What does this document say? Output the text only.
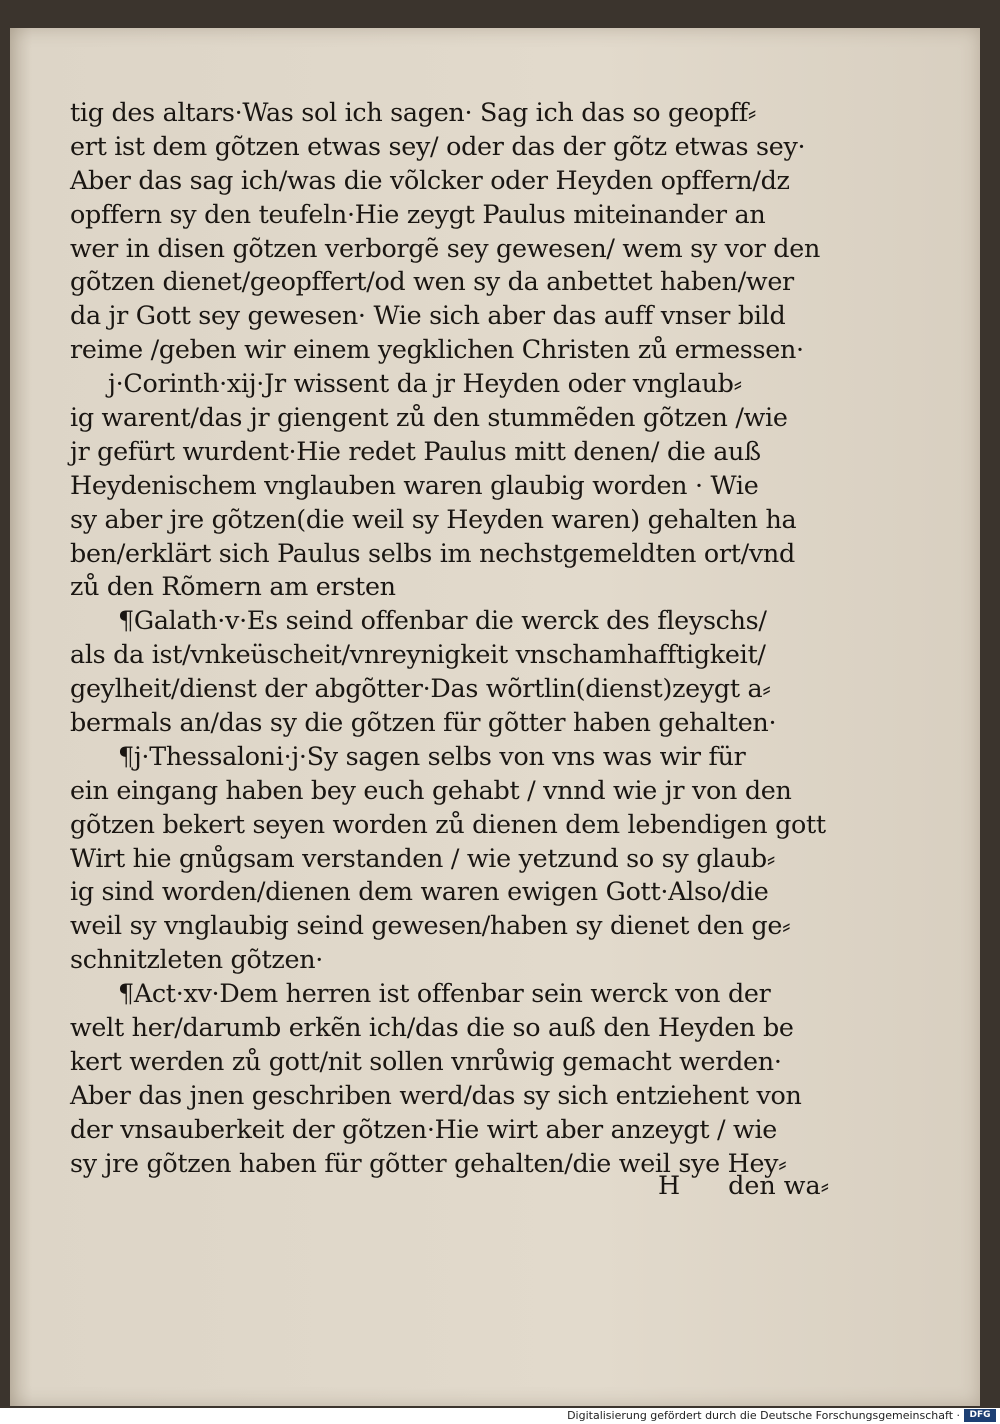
tig des altars·Was sol ich sagen· Sag ich das so geopff⸗
ert ist dem gõtzen etwas sey/ oder das der gõtz etwas sey·
Aber das sag ich/was die võlcker oder Heyden opffern/dz
opffern sy den teufeln·Hie zeygt Paulus miteinander an
wer in disen gõtzen verborgẽ sey gewesen/ wem sy vor den
gõtzen dienet/geopffert/od wen sy da anbettet haben/wer
da jr Gott sey gewesen· Wie sich aber das auff vnser bild
reime /geben wir einem yegklichen Christen zů ermessen·
j·Corinth·xij·Jr wissent da jr Heyden oder vnglaub⸗
ig warent/das jr giengent zů den stummẽden gõtzen /wie
jr gefürt wurdent·Hie redet Paulus mitt denen/ die auß
Heydenischem vnglauben waren glaubig worden · Wie
sy aber jre gõtzen(die weil sy Heyden waren) gehalten ha
ben/erklärt sich Paulus selbs im nechstgemeldten ort/vnd
zů den Rõmern am ersten
¶Galath·v·Es seind offenbar die werck des fleyschs/
als da ist/vnkeüscheit/vnreynigkeit vnschamhafftigkeit/
geylheit/dienst der abgõtter·Das wõrtlin(dienst)zeygt a⸗
bermals an/das sy die gõtzen für gõtter haben gehalten·
¶j·Thessaloni·j·Sy sagen selbs von vns was wir für
ein eingang haben bey euch gehabt / vnnd wie jr von den
gõtzen bekert seyen worden zů dienen dem lebendigen gott
Wirt hie gnůgsam verstanden / wie yetzund so sy glaub⸗
ig sind worden/dienen dem waren ewigen Gott·Also/die
weil sy vnglaubig seind gewesen/haben sy dienet den ge⸗
schnitzleten gõtzen·
¶Act·xv·Dem herren ist offenbar sein werck von der
welt her/darumb erkẽn ich/das die so auß den Heyden be
kert werden zů gott/nit sollen vnrůwig gemacht werden·
Aber das jnen geschriben werd/das sy sich entziehent von
der vnsauberkeit der gõtzen·Hie wirt aber anzeygt / wie
sy jre gõtzen haben für gõtter gehalten/die weil sye Hey⸗
H den wa⸗
Digitalisierung gefördert durch die Deutsche Forschungsgemeinschaft ·	DFG
